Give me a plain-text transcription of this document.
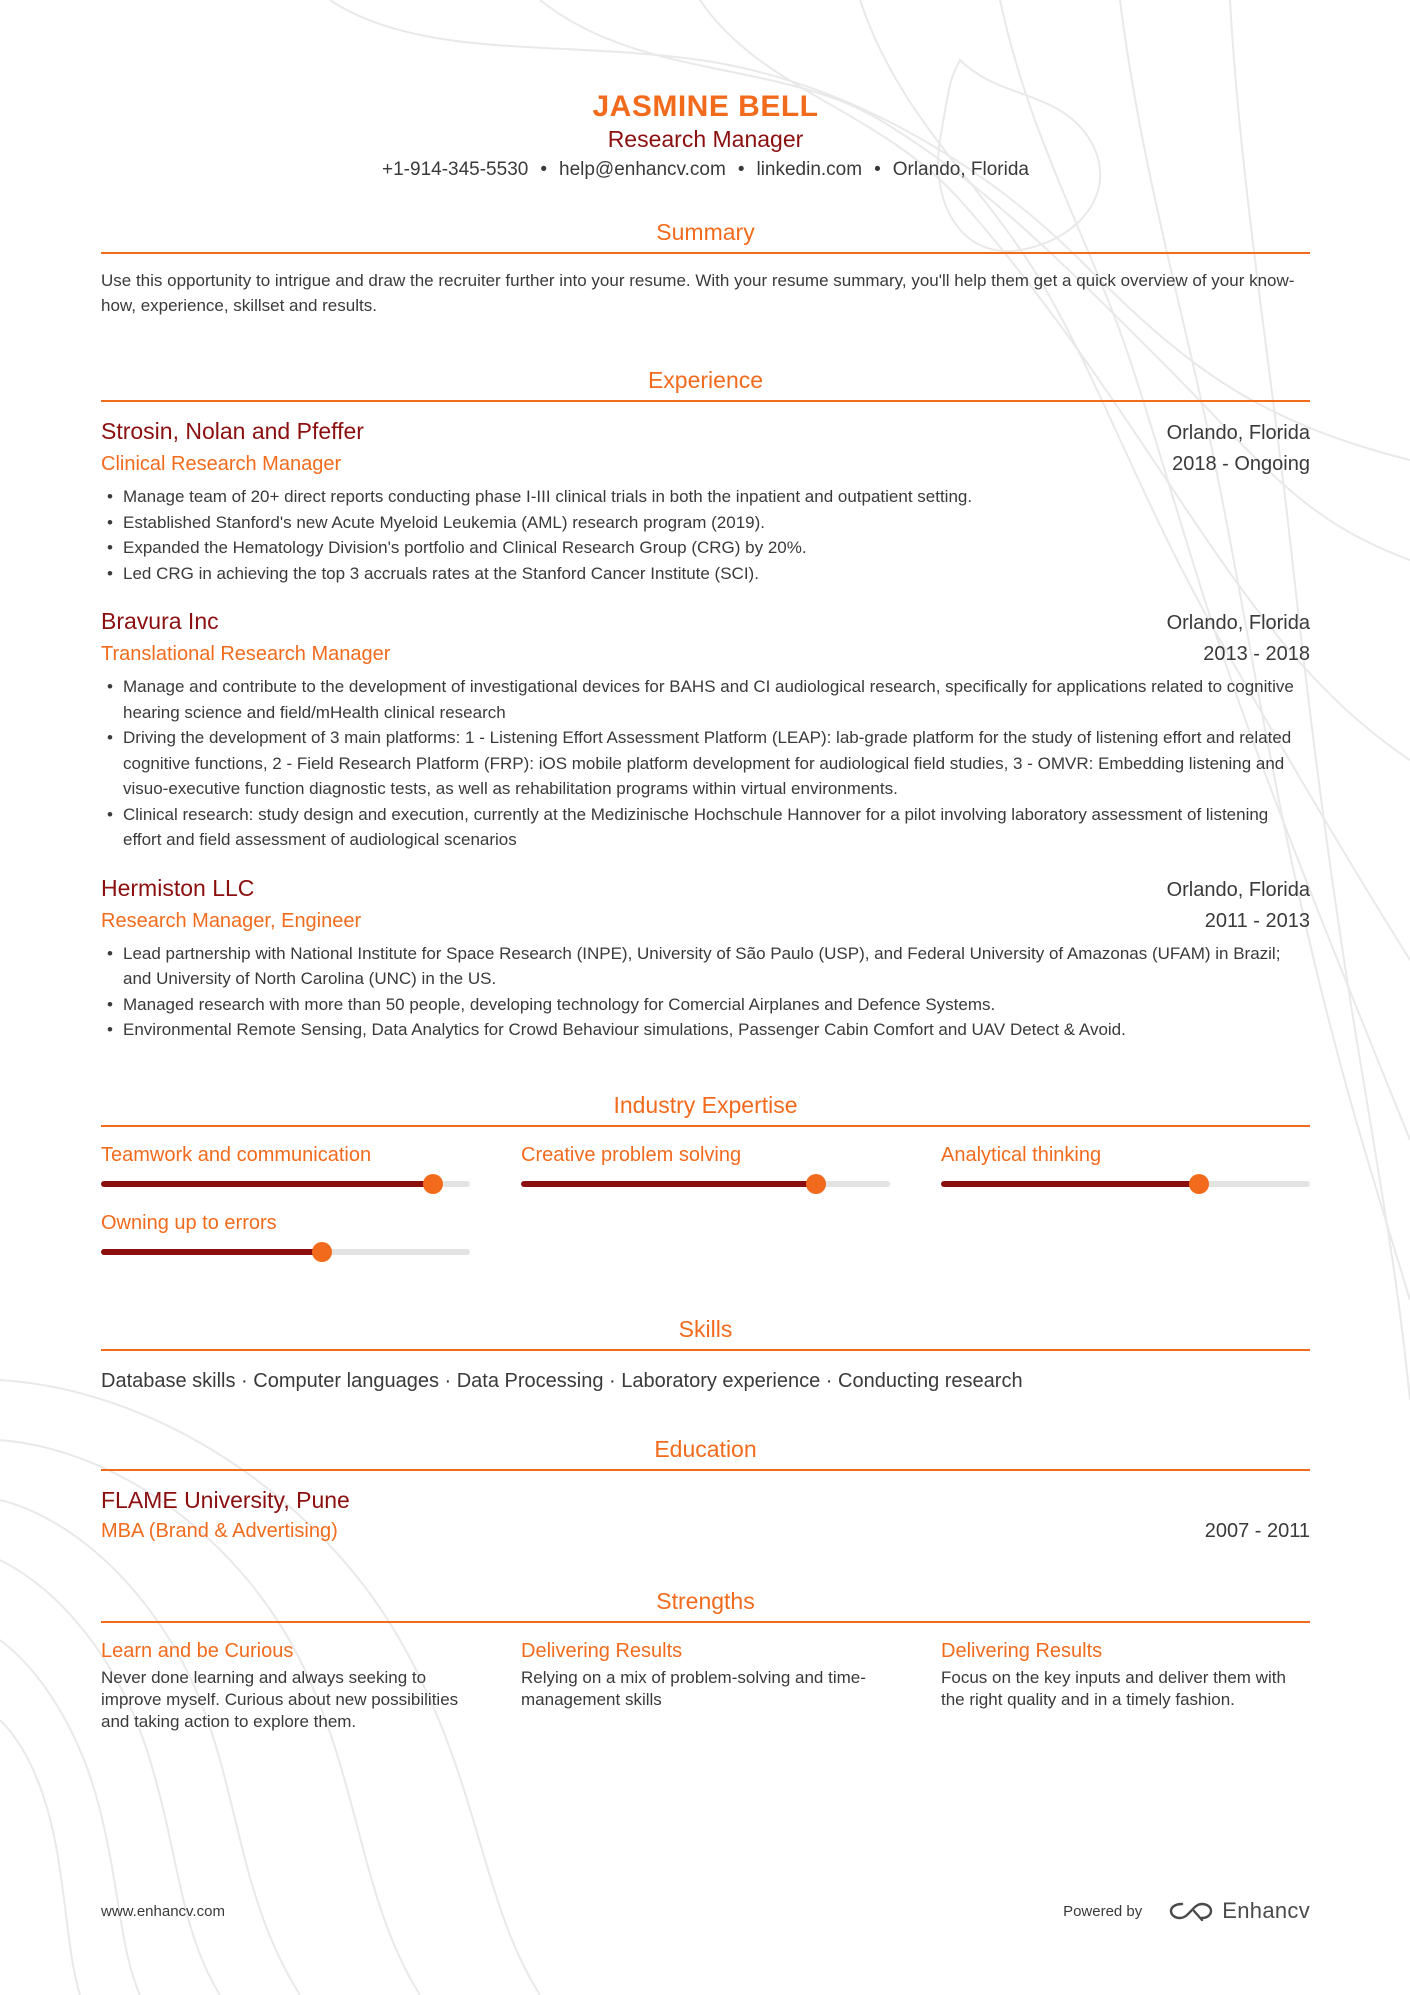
JASMINE BELL
Research Manager
+1-914-345-5530 • help@enhancv.com • linkedin.com • Orlando, Florida
Summary
Use this opportunity to intrigue and draw the recruiter further into your resume. With your resume summary, you'll help them get a quick overview of your know-how, experience, skillset and results.
Experience
Strosin, Nolan and Pfeffer	Orlando, Florida
Clinical Research Manager	2018 - Ongoing
• Manage team of 20+ direct reports conducting phase I-III clinical trials in both the inpatient and outpatient setting.
• Established Stanford's new Acute Myeloid Leukemia (AML) research program (2019).
• Expanded the Hematology Division's portfolio and Clinical Research Group (CRG) by 20%.
• Led CRG in achieving the top 3 accruals rates at the Stanford Cancer Institute (SCI).
Bravura Inc	Orlando, Florida
Translational Research Manager	2013 - 2018
• Manage and contribute to the development of investigational devices for BAHS and CI audiological research, specifically for applications related to cognitive hearing science and field/mHealth clinical research
• Driving the development of 3 main platforms: 1 - Listening Effort Assessment Platform (LEAP): lab-grade platform for the study of listening effort and related cognitive functions, 2 - Field Research Platform (FRP): iOS mobile platform development for audiological field studies, 3 - OMVR: Embedding listening and visuo-executive function diagnostic tests, as well as rehabilitation programs within virtual environments.
• Clinical research: study design and execution, currently at the Medizinische Hochschule Hannover for a pilot involving laboratory assessment of listening effort and field assessment of audiological scenarios
Hermiston LLC	Orlando, Florida
Research Manager, Engineer	2011 - 2013
• Lead partnership with National Institute for Space Research (INPE), University of São Paulo (USP), and Federal University of Amazonas (UFAM) in Brazil; and University of North Carolina (UNC) in the US.
• Managed research with more than 50 people, developing technology for Comercial Airplanes and Defence Systems.
• Environmental Remote Sensing, Data Analytics for Crowd Behaviour simulations, Passenger Cabin Comfort and UAV Detect & Avoid.
Industry Expertise
Teamwork and communication	Creative problem solving	Analytical thinking
Owning up to errors
Skills
Database skills · Computer languages · Data Processing · Laboratory experience · Conducting research
Education
FLAME University, Pune
MBA (Brand & Advertising)	2007 - 2011
Strengths
Learn and be Curious
Never done learning and always seeking to improve myself. Curious about new possibilities and taking action to explore them.
Delivering Results
Relying on a mix of problem-solving and time-management skills
Delivering Results
Focus on the key inputs and deliver them with the right quality and in a timely fashion.
www.enhancv.com	Powered by	Enhancv
